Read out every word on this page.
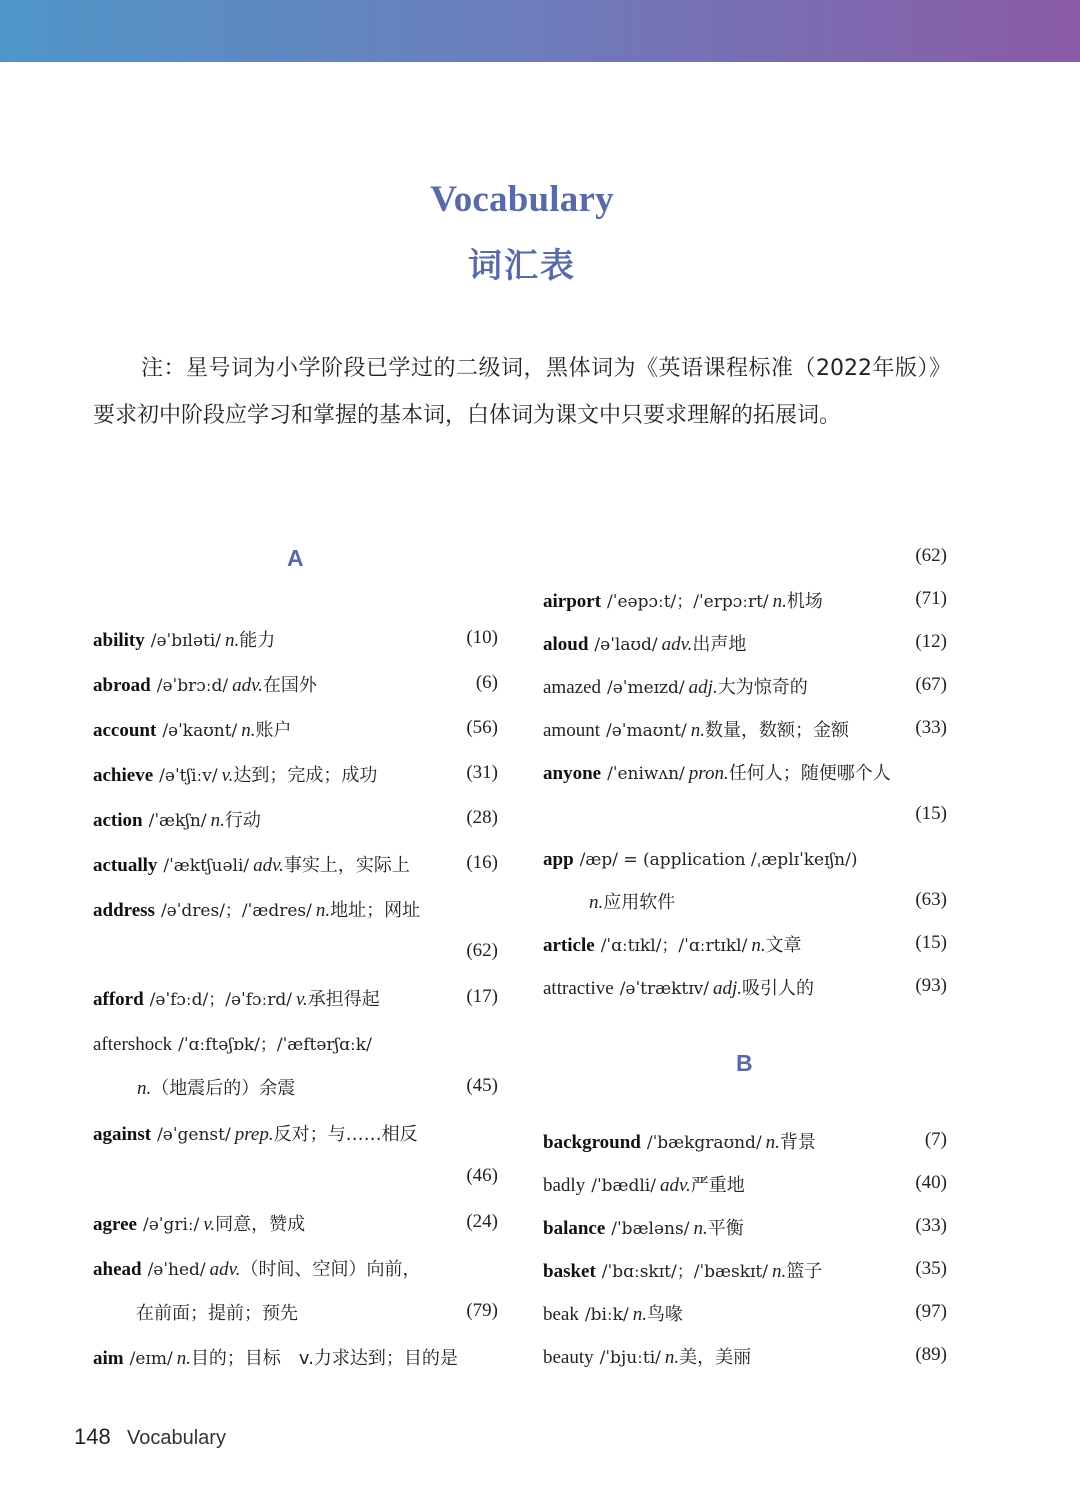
Vocabulary
词汇表
注：星号词为小学阶段已学过的二级词，黑体词为《英语课程标准（2022年版）》要求初中阶段应学习和掌握的基本词，白体词为课文中只要求理解的拓展词。
A
B
ability /əˈbɪləti/ n.能力	(10)
abroad /əˈbrɔːd/ adv.在国外	(6)
account /əˈkaʊnt/ n.账户	(56)
achieve /əˈtʃiːv/ v.达到；完成；成功	(31)
action /ˈækʃn/ n.行动	(28)
actually /ˈæktʃuəli/ adv.事实上，实际上	(16)
address /əˈdres/；/ˈædres/ n.地址；网址
(62)
afford /əˈfɔːd/；/əˈfɔːrd/ v.承担得起	(17)
aftershock /ˈɑːftəʃɒk/；/ˈæftərʃɑːk/
n.（地震后的）余震	(45)
against /əˈgenst/ prep.反对；与……相反
(46)
agree /əˈgriː/ v.同意，赞成	(24)
ahead /əˈhed/ adv.（时间、空间）向前，
在前面；提前；预先	(79)
aim /eɪm/ n.目的；目标　v.力求达到；目的是
(62)
airport /ˈeəpɔːt/；/ˈerpɔːrt/ n.机场	(71)
aloud /əˈlaʊd/ adv.出声地	(12)
amazed /əˈmeɪzd/ adj.大为惊奇的	(67)
amount /əˈmaʊnt/ n.数量，数额；金额	(33)
anyone /ˈeniwʌn/ pron.任何人；随便哪个人
(15)
app /æp/ = (application /ˌæplɪˈkeɪʃn/)
n.应用软件	(63)
article /ˈɑːtɪkl/；/ˈɑːrtɪkl/ n.文章	(15)
attractive /əˈtræktɪv/ adj.吸引人的	(93)
background /ˈbækgraʊnd/ n.背景	(7)
badly /ˈbædli/ adv.严重地	(40)
balance /ˈbæləns/ n.平衡	(33)
basket /ˈbɑːskɪt/；/ˈbæskɪt/ n.篮子	(35)
beak /biːk/ n.鸟喙	(97)
beauty /ˈbjuːti/ n.美，美丽	(89)
148 Vocabulary
